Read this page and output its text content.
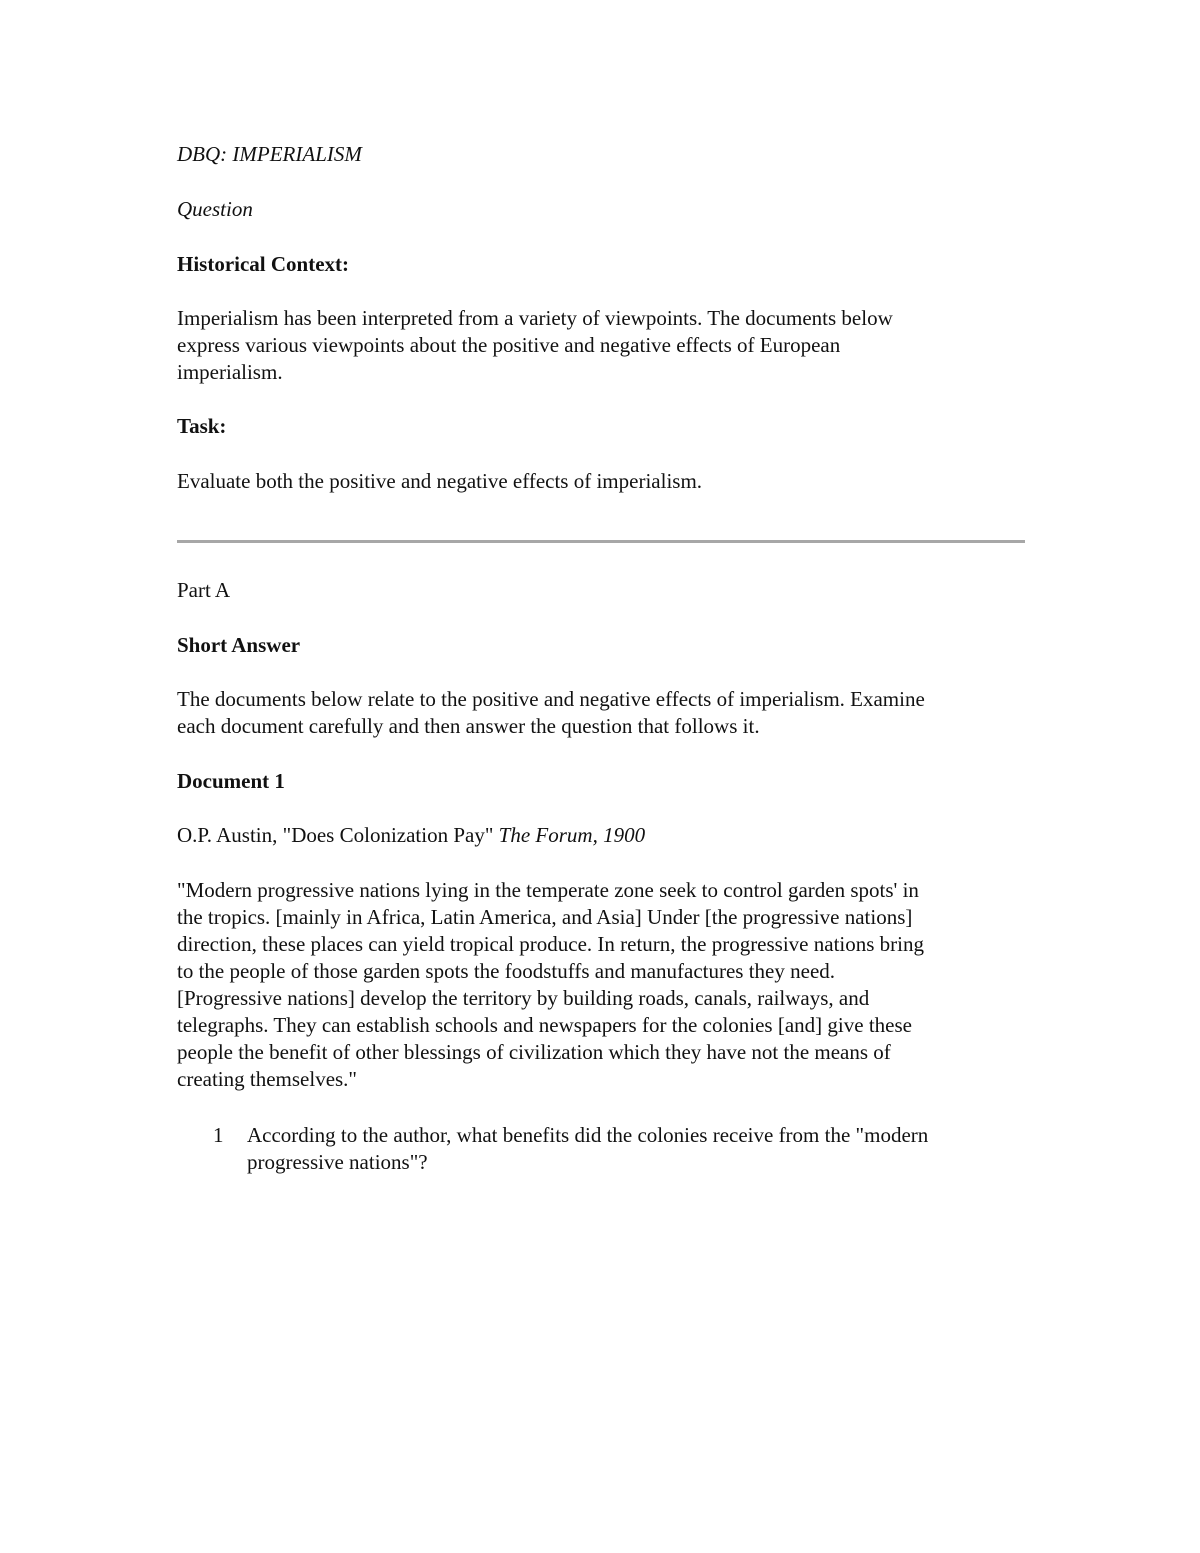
DBQ: IMPERIALISM
Question
Historical Context:
Imperialism has been interpreted from a variety of viewpoints. The documents below
express various viewpoints about the positive and negative effects of European
imperialism.
Task:
Evaluate both the positive and negative effects of imperialism.
Part A
Short Answer
The documents below relate to the positive and negative effects of imperialism. Examine
each document carefully and then answer the question that follows it.
Document 1
O.P. Austin, "Does Colonization Pay" The Forum, 1900
"Modern progressive nations lying in the temperate zone seek to control garden spots' in
the tropics. [mainly in Africa, Latin America, and Asia] Under [the progressive nations]
direction, these places can yield tropical produce. In return, the progressive nations bring
to the people of those garden spots the foodstuffs and manufactures they need.
[Progressive nations] develop the territory by building roads, canals, railways, and
telegraphs. They can establish schools and newspapers for the colonies [and] give these
people the benefit of other blessings of civilization which they have not the means of
creating themselves."
1 According to the author, what benefits did the colonies receive from the "modern
progressive nations"?
